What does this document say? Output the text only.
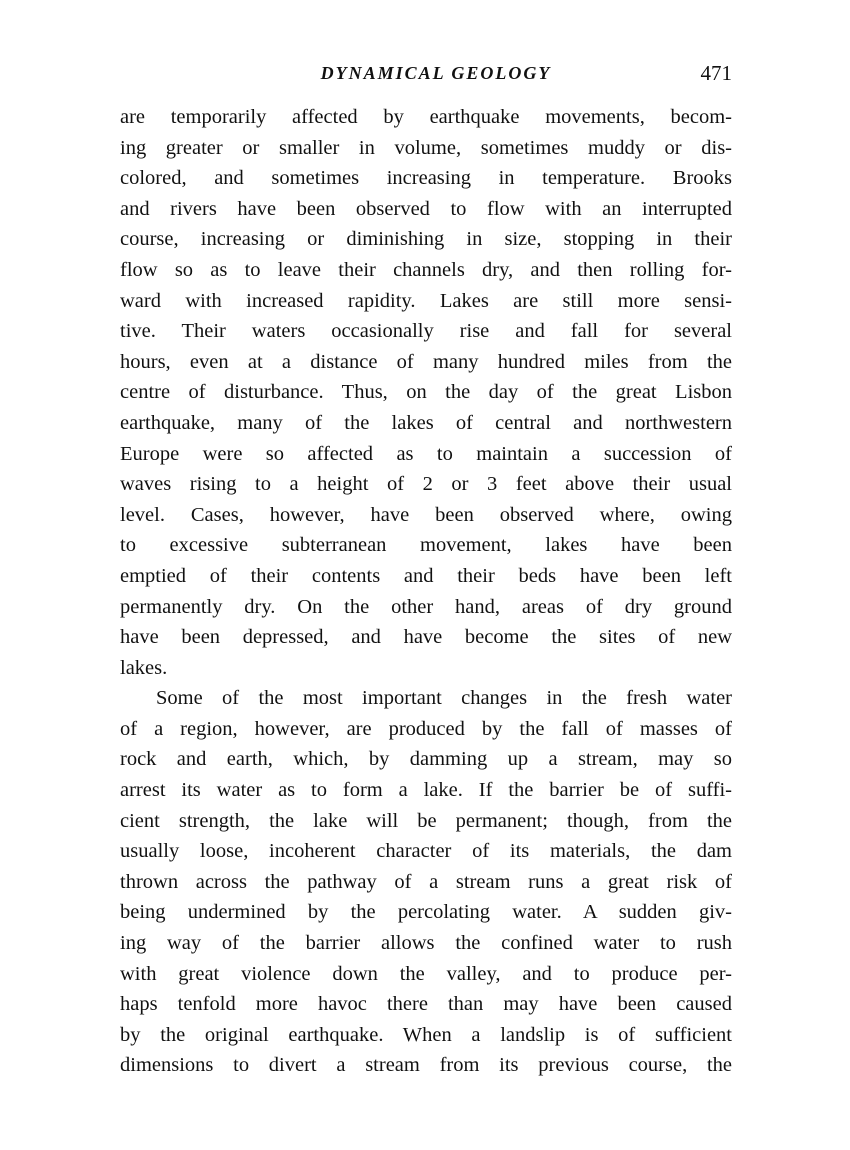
DYNAMICAL GEOLOGY	471
are temporarily affected by earthquake movements, becom-
ing greater or smaller in volume, sometimes muddy or dis-
colored, and sometimes increasing in temperature. Brooks
and rivers have been observed to flow with an interrupted
course, increasing or diminishing in size, stopping in their
flow so as to leave their channels dry, and then rolling for-
ward with increased rapidity. Lakes are still more sensi-
tive. Their waters occasionally rise and fall for several
hours, even at a distance of many hundred miles from the
centre of disturbance. Thus, on the day of the great Lisbon
earthquake, many of the lakes of central and northwestern
Europe were so affected as to maintain a succession of
waves rising to a height of 2 or 3 feet above their usual
level. Cases, however, have been observed where, owing
to excessive subterranean movement, lakes have been
emptied of their contents and their beds have been left
permanently dry. On the other hand, areas of dry ground
have been depressed, and have become the sites of new
lakes.
Some of the most important changes in the fresh water
of a region, however, are produced by the fall of masses of
rock and earth, which, by damming up a stream, may so
arrest its water as to form a lake. If the barrier be of suffi-
cient strength, the lake will be permanent; though, from the
usually loose, incoherent character of its materials, the dam
thrown across the pathway of a stream runs a great risk of
being undermined by the percolating water. A sudden giv-
ing way of the barrier allows the confined water to rush
with great violence down the valley, and to produce per-
haps tenfold more havoc there than may have been caused
by the original earthquake. When a landslip is of sufficient
dimensions to divert a stream from its previous course, the
